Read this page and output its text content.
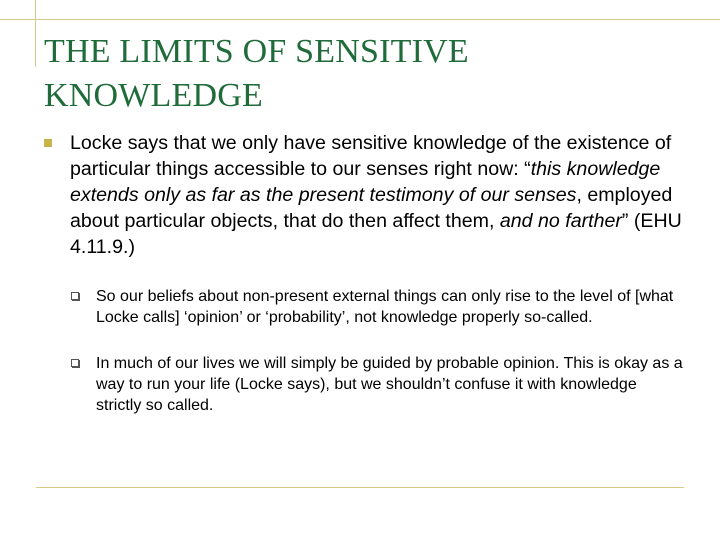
THE LIMITS OF SENSITIVE KNOWLEDGE

Locke says that we only have sensitive knowledge of the existence of particular things accessible to our senses right now: “this knowledge extends only as far as the present testimony of our senses, employed about particular objects, that do then affect them, and no farther” (EHU 4.11.9.)

So our beliefs about non-present external things can only rise to the level of [what Locke calls] ‘opinion’ or ‘probability’, not knowledge properly so-called.

In much of our lives we will simply be guided by probable opinion. This is okay as a way to run your life (Locke says), but we shouldn’t confuse it with knowledge strictly so called.
